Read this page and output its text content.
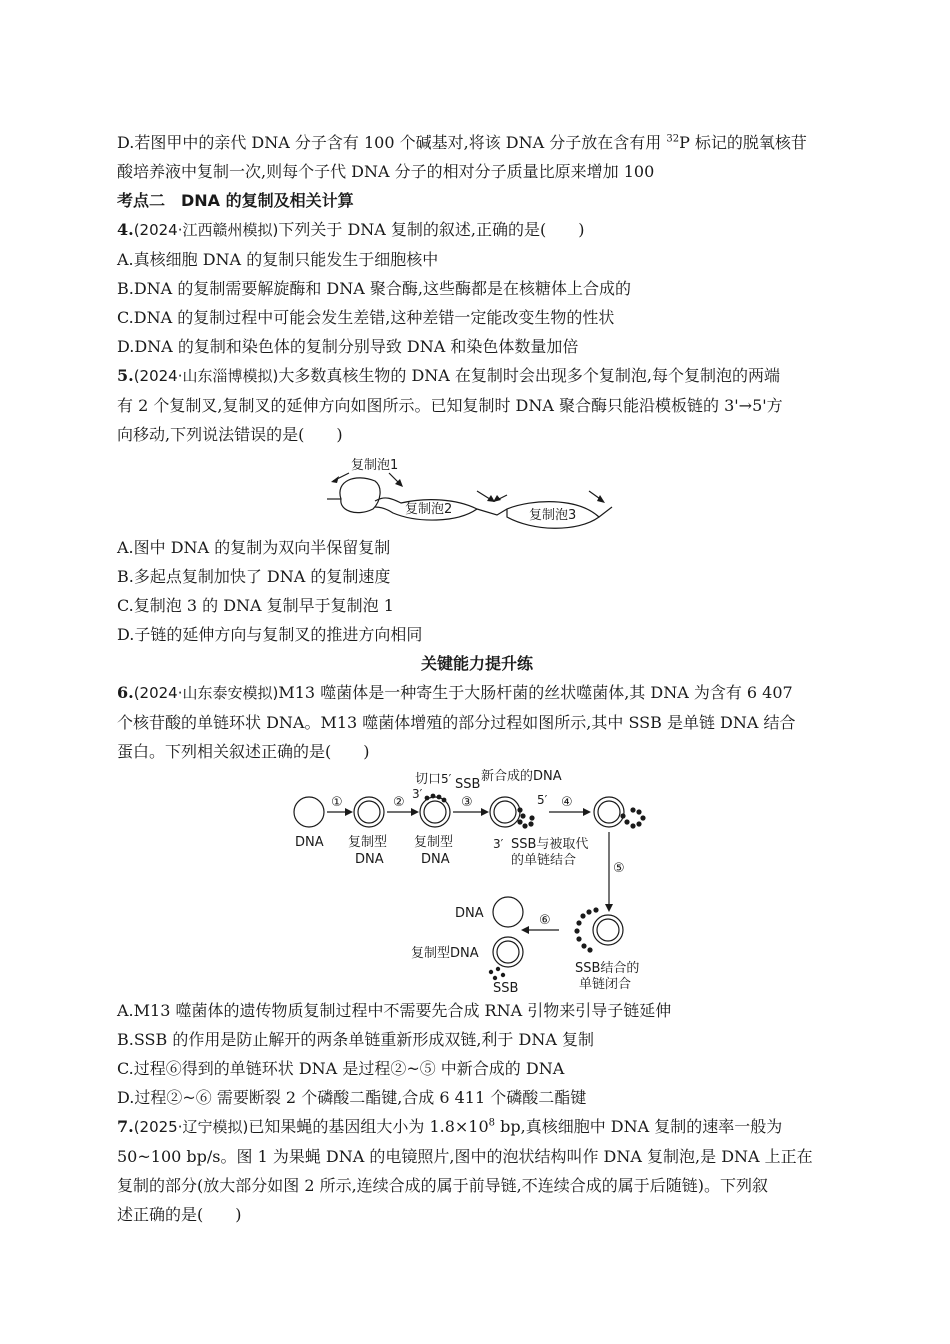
D.若图甲中的亲代 DNA 分子含有 100 个碱基对,将该 DNA 分子放在含有用 $^{32}$P 标记的脱氧核苷

酸培养液中复制一次,则每个子代 DNA 分子的相对分子质量比原来增加 100

考点二　DNA 的复制及相关计算

4.(2024·江西赣州模拟)下列关于 DNA 复制的叙述,正确的是(　　)

A.真核细胞 DNA 的复制只能发生于细胞核中

B.DNA 的复制需要解旋酶和 DNA 聚合酶,这些酶都是在核糖体上合成的

C.DNA 的复制过程中可能会发生差错,这种差错一定能改变生物的性状

D.DNA 的复制和染色体的复制分别导致 DNA 和染色体数量加倍

5.(2024·山东淄博模拟)大多数真核生物的 DNA 在复制时会出现多个复制泡,每个复制泡的两端

有 2 个复制叉,复制叉的延伸方向如图所示。已知复制时 DNA 聚合酶只能沿模板链的 3'→5'方

向移动,下列说法错误的是(　　)

复制泡1
复制泡2	复制泡3

A.图中 DNA 的复制为双向半保留复制

B.多起点复制加快了 DNA 的复制速度

C.复制泡 3 的 DNA 复制早于复制泡 1

D.子链的延伸方向与复制叉的推进方向相同

关键能力提升练

6.(2024·山东泰安模拟)M13 噬菌体是一种寄生于大肠杆菌的丝状噬菌体,其 DNA 为含有 6 407

个核苷酸的单链环状 DNA。M13 噬菌体增殖的部分过程如图所示,其中 SSB 是单链 DNA 结合

蛋白。下列相关叙述正确的是(　　)

DNA 复制型
DNA
复制型
DNA
切口 5′ SSB
3′
新合成的DNA
5′
3′ SSB与被取代
的单链结合
SSB结合的
单链闭合
DNA
复制型DNA
SSB
①	②	③	④
⑤
⑥

A.M13 噬菌体的遗传物质复制过程中不需要先合成 RNA 引物来引导子链延伸

B.SSB 的作用是防止解开的两条单链重新形成双链,利于 DNA 复制

C.过程⑥得到的单链环状 DNA 是过程②~⑤ 中新合成的 DNA

D.过程②~⑥ 需要断裂 2 个磷酸二酯键,合成 6 411 个磷酸二酯键

7.(2025·辽宁模拟)已知果蝇的基因组大小为 $1.8\times 10^8$ bp,真核细胞中 DNA 复制的速率一般为

50~100 bp/s。图 1 为果蝇 DNA 的电镜照片,图中的泡状结构叫作 DNA 复制泡,是 DNA 上正在

复制的部分(放大部分如图 2 所示,连续合成的属于前导链,不连续合成的属于后随链)。下列叙

述正确的是(　　)
